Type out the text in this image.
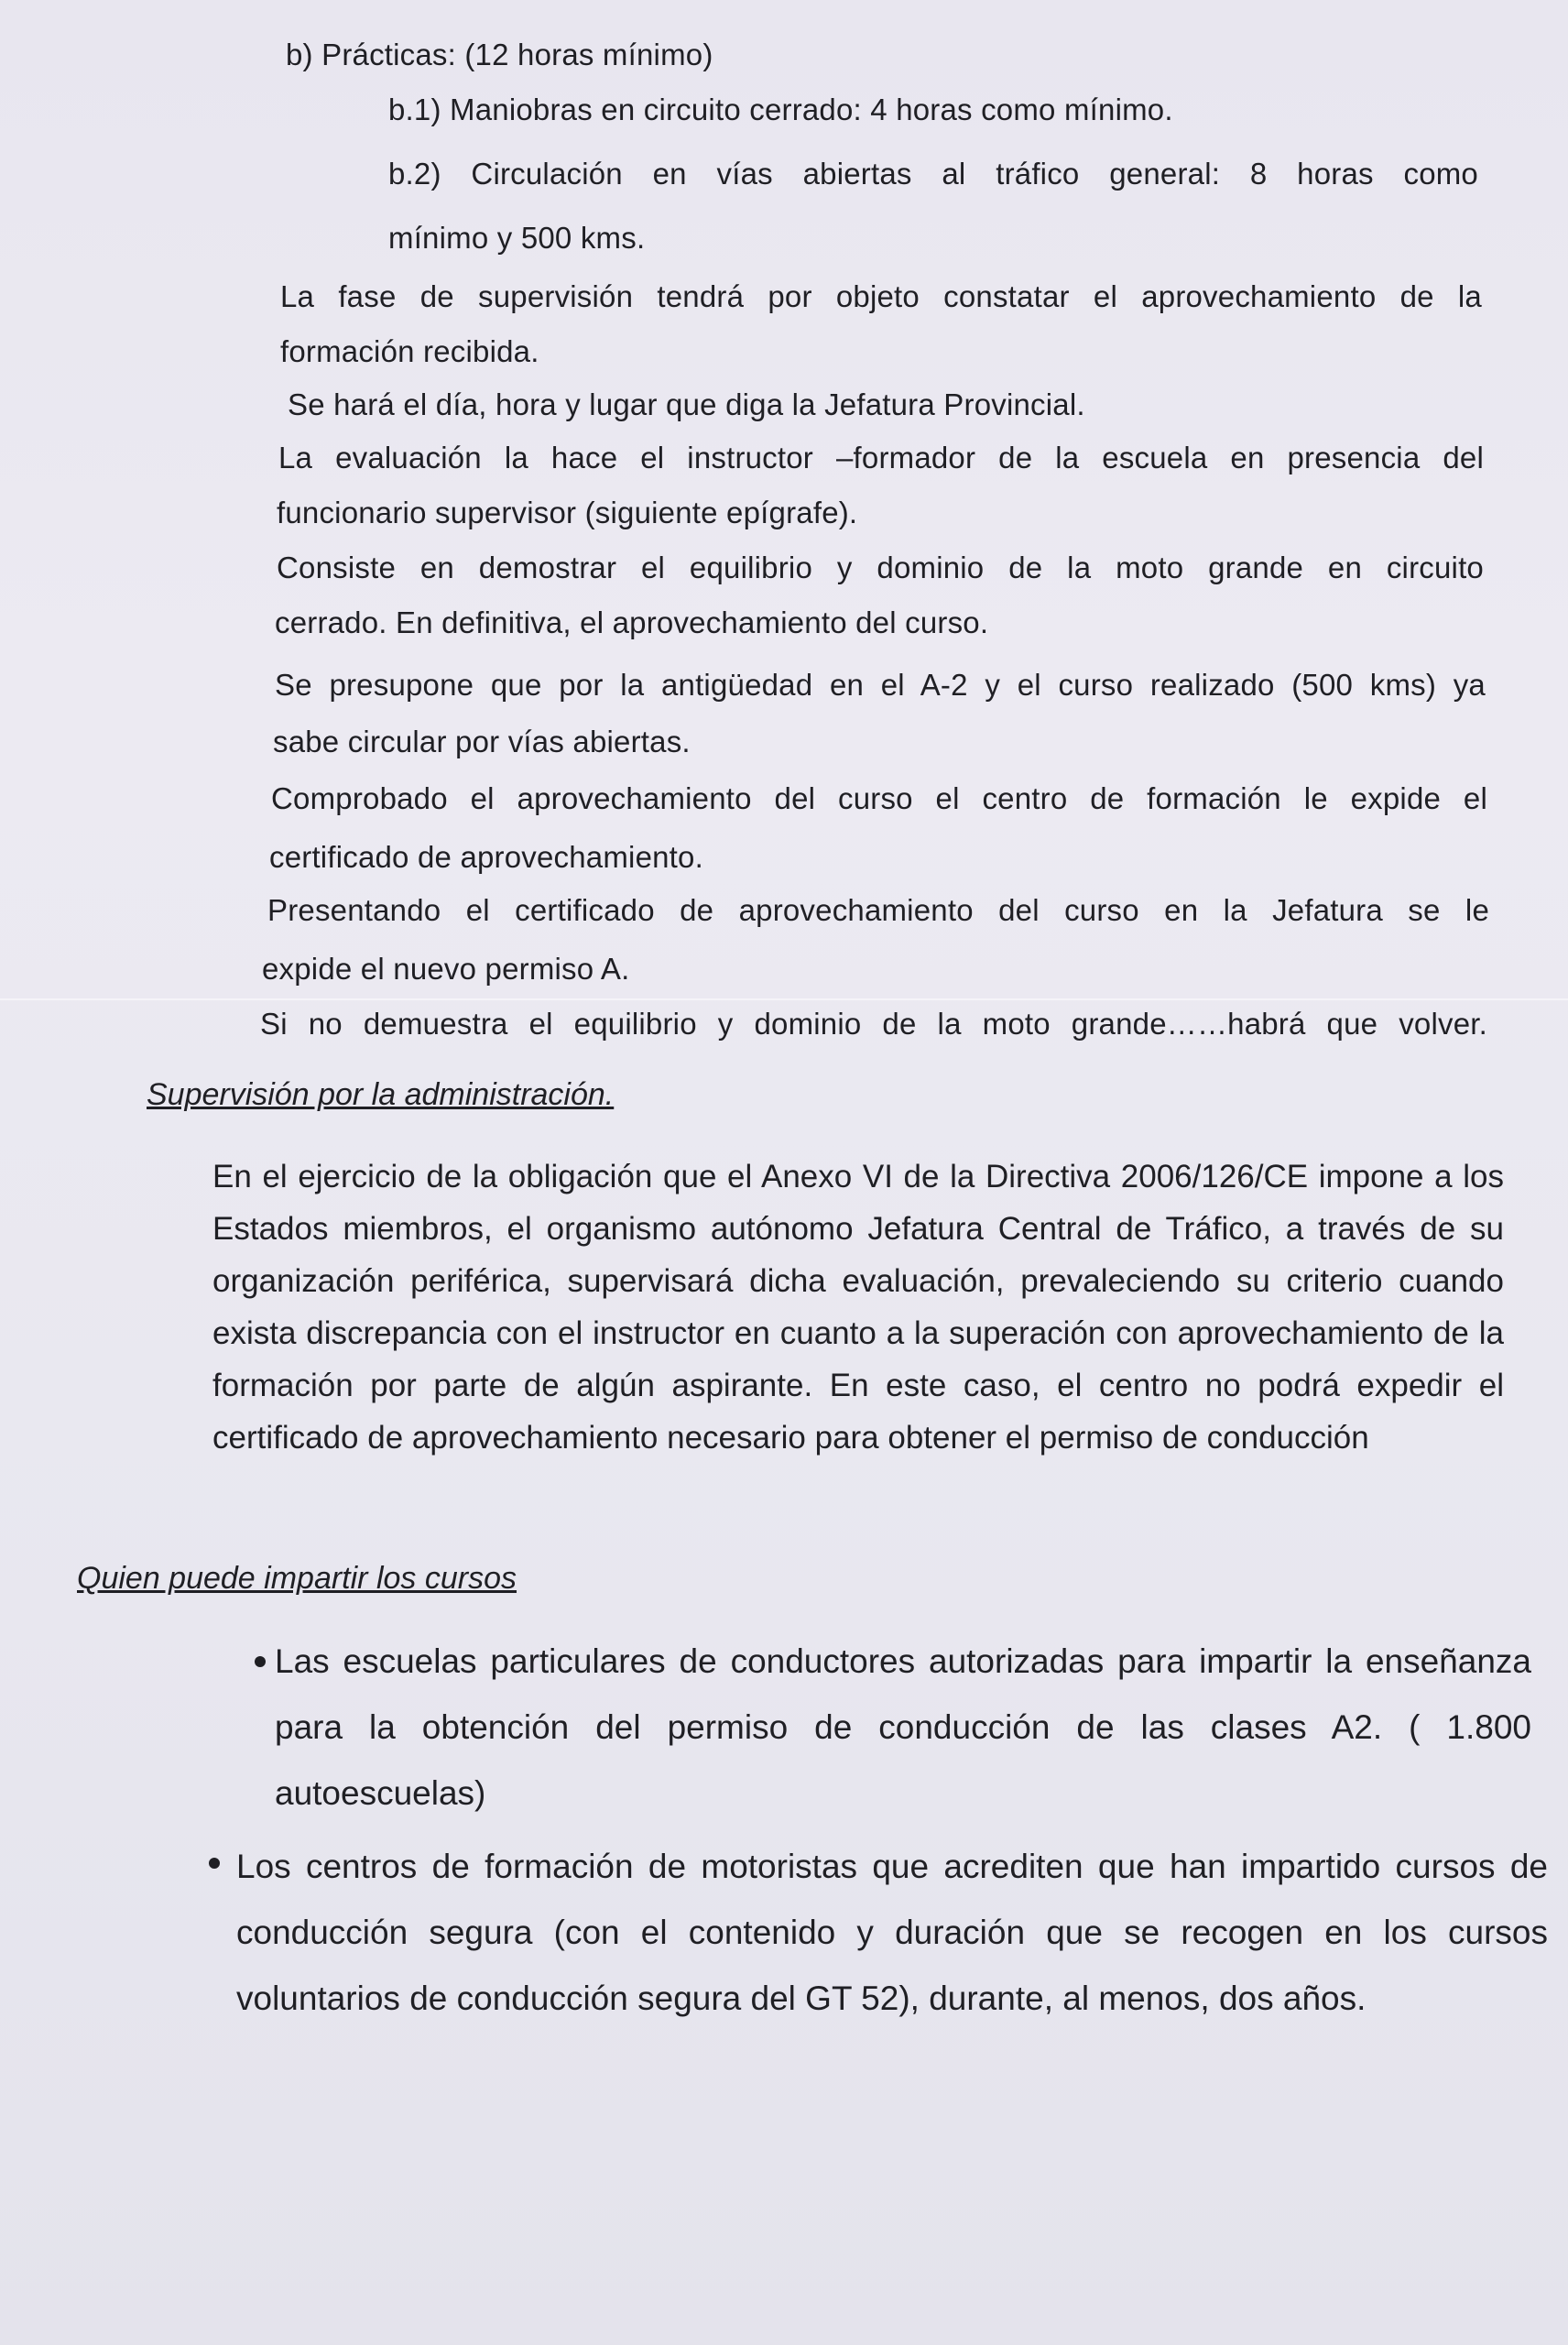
b) Prácticas: (12 horas mínimo)
b.1) Maniobras en circuito cerrado: 4 horas como mínimo.
b.2) Circulación en vías abiertas al tráfico general: 8 horas como
mínimo y 500 kms.
La fase de supervisión tendrá por objeto constatar el aprovechamiento de la
formación recibida.
Se hará el día, hora y lugar que diga la Jefatura Provincial.
La evaluación la hace el instructor –formador de la escuela en presencia del
funcionario supervisor (siguiente epígrafe).
Consiste en demostrar el equilibrio y dominio de la moto grande en circuito
cerrado. En definitiva, el aprovechamiento del curso.
Se presupone que por la antigüedad en el A-2 y el curso realizado (500 kms) ya
sabe circular por vías abiertas.
Comprobado el aprovechamiento del curso el centro de formación le expide el
certificado de aprovechamiento.
Presentando el certificado de aprovechamiento del curso en la Jefatura se le
expide el nuevo permiso A.
Si no demuestra el equilibrio y dominio de la moto grande……habrá que volver.
Supervisión por la administración.
En el ejercicio de la obligación que el Anexo VI de la Directiva 2006/126/CE impone a los Estados miembros, el organismo autónomo Jefatura Central de Tráfico, a través de su organización periférica, supervisará dicha evaluación, prevaleciendo su criterio cuando exista discrepancia con el instructor en cuanto a la superación con aprovechamiento de la formación por parte de algún aspirante. En este caso, el centro no podrá expedir el certificado de aprovechamiento necesario para obtener el permiso de conducción
Quien puede impartir los cursos
Las escuelas particulares de conductores autorizadas para impartir la enseñanza para la obtención del permiso de conducción de las clases A2. ( 1.800 autoescuelas)
Los centros de formación de motoristas que acrediten que han impartido cursos de conducción segura (con el contenido y duración que se recogen en los cursos voluntarios de conducción segura del GT 52), durante, al menos, dos años.
